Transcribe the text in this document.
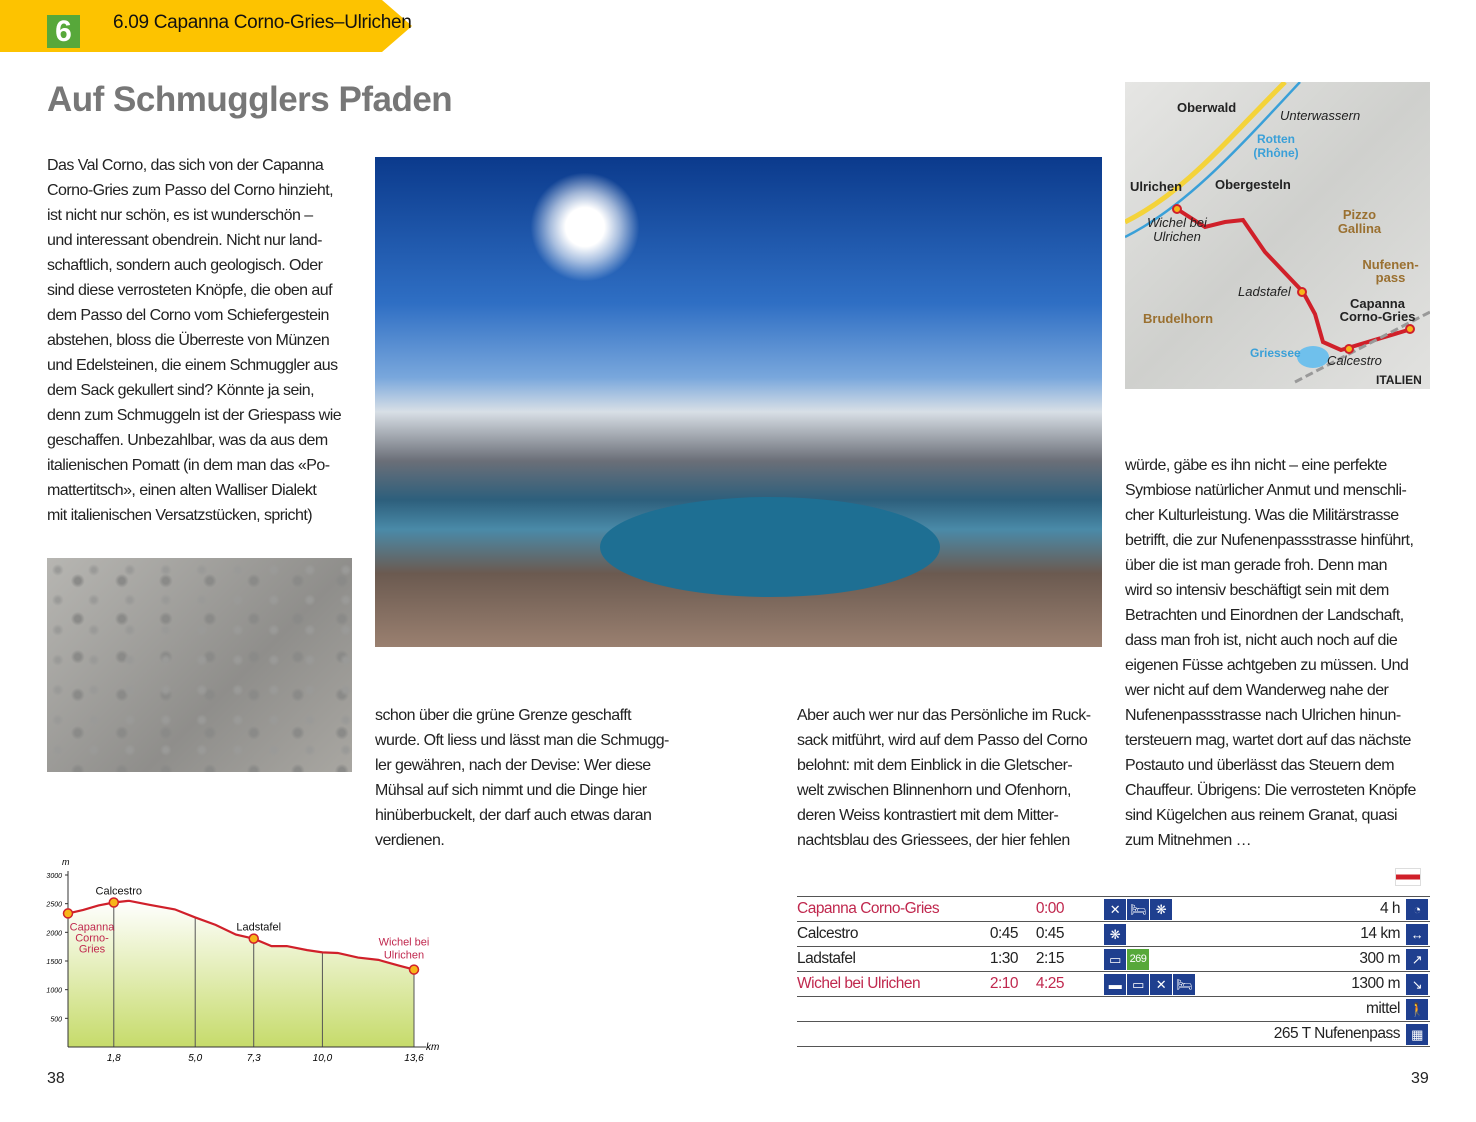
6	6.09 Capanna Corno-Gries–Ulrichen
Auf Schmugglers Pfaden
Das Val Corno, das sich von der Capanna
Corno-Gries zum Passo del Corno hinzieht,
ist nicht nur schön, es ist wunderschön –
und interessant obendrein. Nicht nur land-
schaftlich, sondern auch geologisch. Oder
sind diese verrosteten Knöpfe, die oben auf
dem Passo del Corno vom Schiefergestein
abstehen, bloss die Überreste von Münzen
und Edelsteinen, die einem Schmuggler aus
dem Sack gekullert sind? Könnte ja sein,
denn zum Schmuggeln ist der Griespass wie
geschaffen. Unbezahlbar, was da aus dem
italienischen Pomatt (in dem man das «Po-
mattertitsch», einen alten Walliser Dialekt
mit italienischen Versatzstücken, spricht)
schon über die grüne Grenze geschafft
wurde. Oft liess und lässt man die Schmugg-
ler gewähren, nach der Devise: Wer diese
Mühsal auf sich nimmt und die Dinge hier
hinüberbuckelt, der darf auch etwas daran
verdienen.
Aber auch wer nur das Persönliche im Ruck-
sack mitführt, wird auf dem Passo del Corno
belohnt: mit dem Einblick in die Gletscher-
welt zwischen Blinnenhorn und Ofenhorn,
deren Weiss kontrastiert mit dem Mitter-
nachtsblau des Griessees, der hier fehlen
würde, gäbe es ihn nicht – eine perfekte
Symbiose natürlicher Anmut und menschli-
cher Kulturleistung. Was die Militärstrasse
betrifft, die zur Nufenenpassstrasse hinführt,
über die ist man gerade froh. Denn man
wird so intensiv beschäftigt sein mit dem
Betrachten und Einordnen der Landschaft,
dass man froh ist, nicht auch noch auf die
eigenen Füsse achtgeben zu müssen. Und
wer nicht auf dem Wanderweg nahe der
Nufenenpassstrasse nach Ulrichen hinun-
tersteuern mag, wartet dort auf das nächste
Postauto und überlässt das Steuern dem
Chauffeur. Übrigens: Die verrosteten Knöpfe
sind Kügelchen aus reinem Granat, quasi
zum Mitnehmen …
Oberwald
Unterwassern
Rotten (Rhône)
Ulrichen	Obergesteln
Wichel bei Ulrichen
Pizzo Gallina
Nufenen-pass
Ladstafel
Capanna Corno-Gries
Brudelhorn
Griessee Calcestro
ITALIEN
1,8	5,0	7,3	10,0	13,6
3000
2500
2000
1500
1000
500
m
km
Capanna
Corno-
Gries
Calcestro
Ladstafel
Wichel bei
Ulrichen
Capanna Corno-Gries		0:00		✕ 🛏 ❋	4 h	◔
Calcestro	0:45	0:45		❋	14 km	↔
Ladstafel	1:30	2:15		▭ 269	300 m	↗
Wichel bei Ulrichen	2:10	4:25		▬ ▭ ✕ 🛏	1300 m	↘
					mittel	🚶
					265 T Nufenenpass	▦
38	39
